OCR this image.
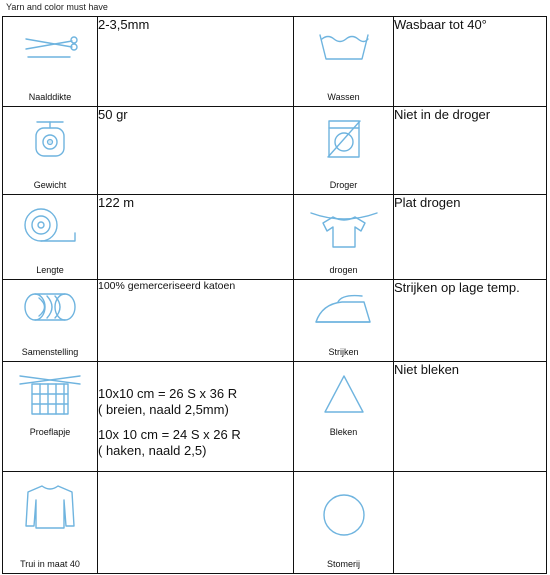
Yarn and color must have
Naalddikte	2-3,5mm	Wassen	Wasbaar tot 40°

Gewicht	50 gr	Droger	Niet in de droger

Lengte	122 m	drogen	Plat drogen

Samenstelling	100% gemerceriseerd katoen	Strijken	Strijken op lage temp.

Proeflapje	10x10 cm = 26 S x 36 R
( breien, naald 2,5mm)
10x 10 cm = 24 S x 26 R
( haken, naald 2,5)	Bleken	Niet bleken

Trui in maat 40		Stomerij	
